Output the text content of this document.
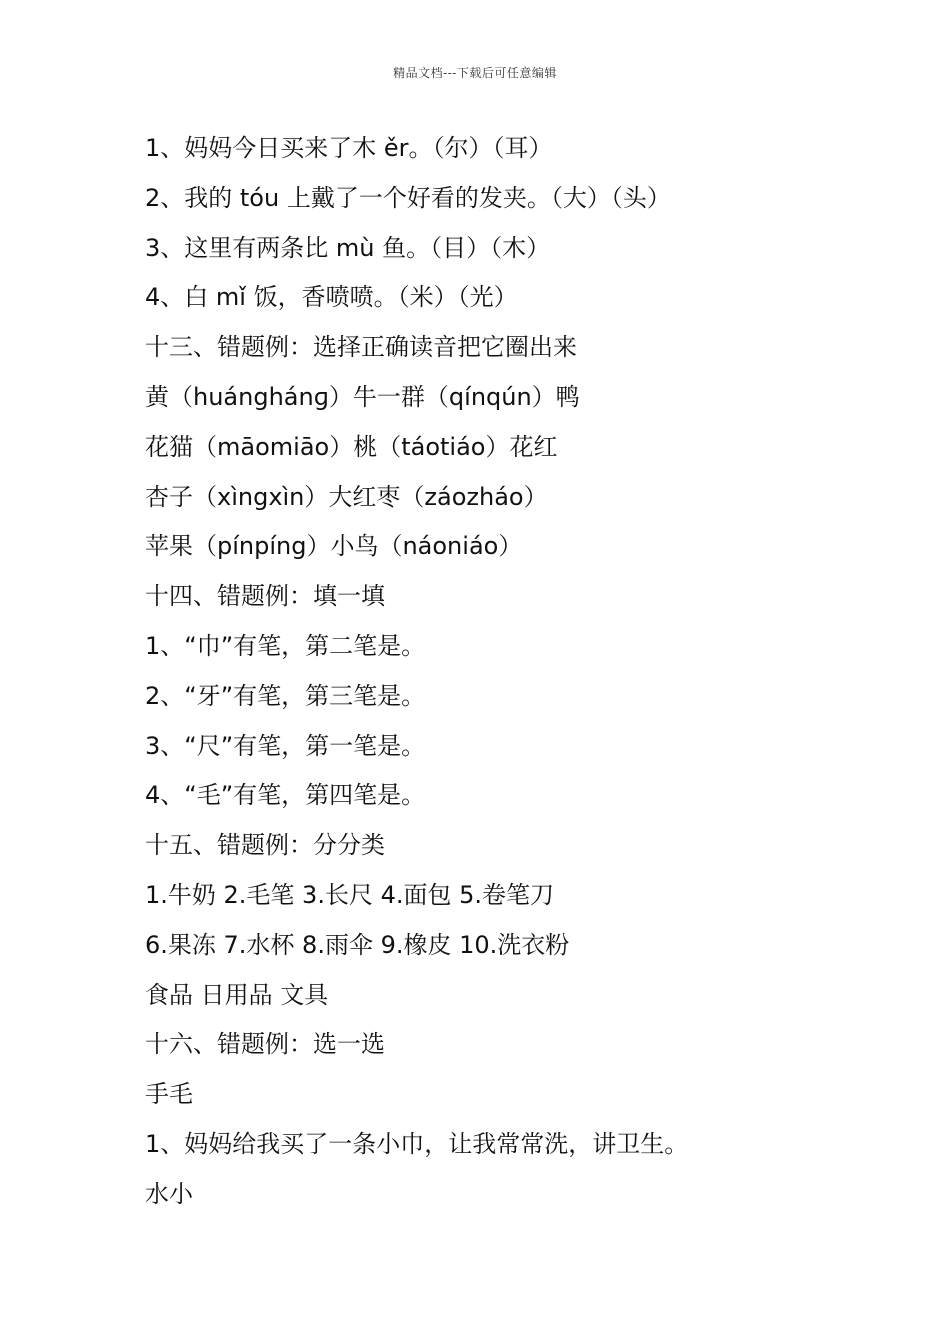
精品文档---下载后可任意编辑
1、妈妈今日买来了木 ěr。（尔）（耳）
2、我的 tóu 上戴了一个好看的发夹。（大）（头）
3、这里有两条比 mù 鱼。（目）（木）
4、白 mǐ 饭，香喷喷。（米）（光）
十三、错题例：选择正确读音把它圈出来
黄（huánghánɡ）牛一群（qínqún）鸭
花猫（māomiāo）桃（táotiáo）花红
杏子（xìngxìn）大红枣（záozháo）
苹果（pínpíng）小鸟（náoniáo）
十四、错题例：填一填
1、“巾”有笔，第二笔是。
2、“牙”有笔，第三笔是。
3、“尺”有笔，第一笔是。
4、“毛”有笔，第四笔是。
十五、错题例：分分类
1.牛奶 2.毛笔 3.长尺 4.面包 5.卷笔刀
6.果冻 7.水杯 8.雨伞 9.橡皮 10.洗衣粉
食品 日用品 文具
十六、错题例：选一选
手毛
1、妈妈给我买了一条小巾，让我常常洗，讲卫生。
水小
